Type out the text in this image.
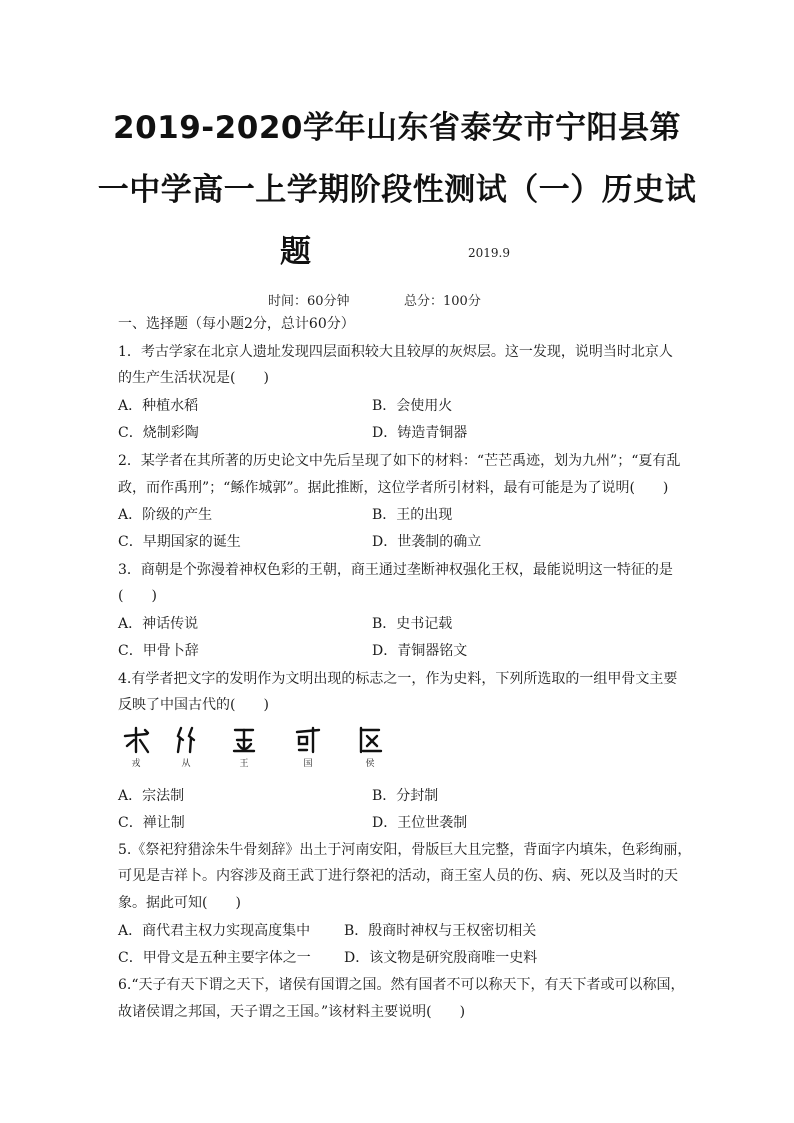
2019-2020学年山东省泰安市宁阳县第
一中学高一上学期阶段性测试（一）历史试
题	2019.9
时间：60分钟	总分：100分
一、选择题（每小题2分，总计60分）
1．考古学家在北京人遗址发现四层面积较大且较厚的灰烬层。这一发现，说明当时北京人
的生产生活状况是(　　)
A．种植水稻	B．会使用火
C．烧制彩陶	D．铸造青铜器
2．某学者在其所著的历史论文中先后呈现了如下的材料：“芒芒禹迹，划为九州”；“夏有乱
政，而作禹刑”；“鲧作城郭”。据此推断，这位学者所引材料，最有可能是为了说明(　　)
A．阶级的产生	B．王的出现
C．早期国家的诞生	D．世袭制的确立
3．商朝是个弥漫着神权色彩的王朝，商王通过垄断神权强化王权，最能说明这一特征的是
(　　)
A．神话传说	B．史书记载
C．甲骨卜辞	D．青铜器铭文
4.有学者把文字的发明作为文明出现的标志之一，作为史料，下列所选取的一组甲骨文主要
反映了中国古代的(　　)
戎	从	王	国	侯
A．宗法制	B．分封制
C．禅让制	D．王位世袭制
5.《祭祀狩猎涂朱牛骨刻辞》出土于河南安阳，骨版巨大且完整，背面字内填朱，色彩绚丽，
可见是吉祥卜。内容涉及商王武丁进行祭祀的活动，商王室人员的伤、病、死以及当时的天
象。据此可知(　　)
A．商代君主权力实现高度集中 B．殷商时神权与王权密切相关
C．甲骨文是五种主要字体之一 D．该文物是研究殷商唯一史料
6.“天子有天下谓之天下，诸侯有国谓之国。然有国者不可以称天下，有天下者或可以称国，
故诸侯谓之邦国，天子谓之王国。”该材料主要说明(　　)
